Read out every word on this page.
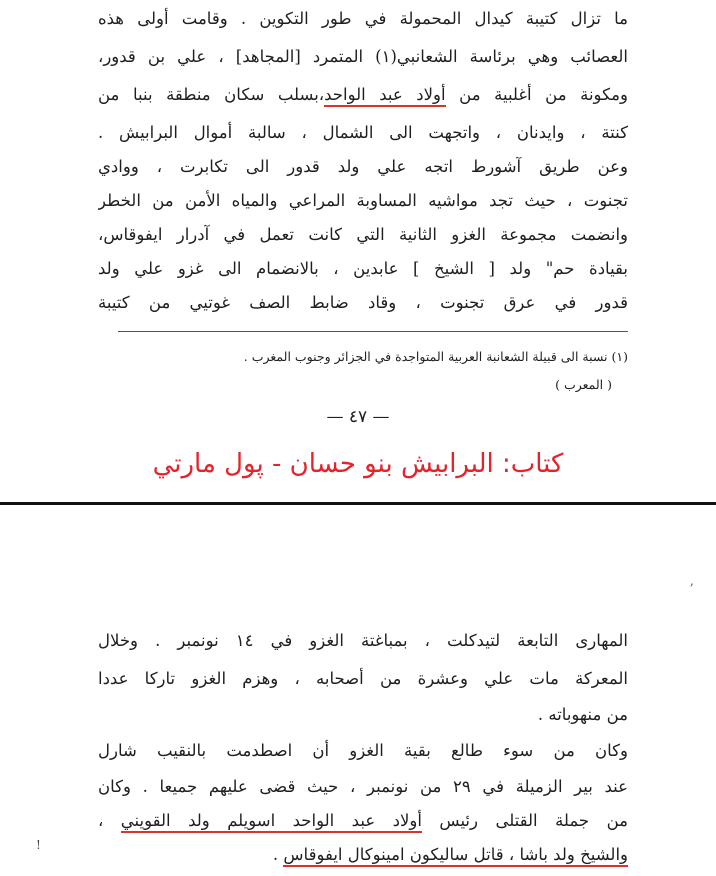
ما تزال كتيبة كيدال المحمولة في طور التكوين . وقامت أولى هذه
العصائب وهي برئاسة الشعانبي(١) المتمرد [المجاهد] ، علي بن قدور،
ومكونة من أغلبية من أولاد عبد الواحد،بسلب سكان منطقة بنبا من
كنتة ، وايدنان ، واتجهت الى الشمال ، سالبة أموال البرابيش .
وعن طريق آشورط اتجه علي ولد قدور الى تكابرت ، ووادي
تجنوت ، حيث تجد مواشيه المساوبة المراعي والمياه الأمن من الخطر
وانضمت مجموعة الغزو الثانية التي كانت تعمل في آدرار ايفوقاس،
بقيادة حم" ولد [ الشيخ ] عابدين ، بالانضمام الى غزو علي ولد
قدور في عرق تجنوت ، وقاد ضابط الصف غوتيي من كتيبة
(١) نسبة الى قبيلة الشعانبة العربية المتواجدة في الجزائر وجنوب المغرب .
( المعرب )
— ٤٧ —
كتاب: البرابيش بنو حسان - پول مارتي
,
المهارى التابعة لتيدكلت ، بمباغتة الغزو في ١٤ نونمبر . وخلال
المعركة مات علي وعشرة من أصحابه ، وهزم الغزو تاركا عددا
من منهوباته .
وكان من سوء طالع بقية الغزو أن اصطدمت بالنقيب شارل
عند بير الزميلة في ٢٩ من نونمبر ، حيث قضى عليهم جميعا . وكان
من جملة القتلى رئيس أولاد عبد الواحد اسويلم ولد القويني ،
والشيخ ولد باشا ، قاتل ساليكون امينوكال ايفوقاس .
!
